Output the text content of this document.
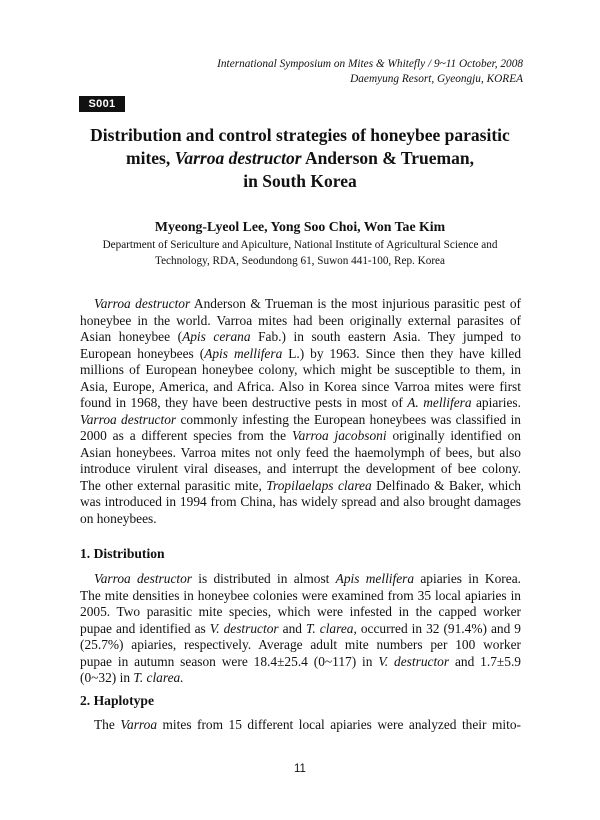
International Symposium on Mites & Whitefly / 9~11 October, 2008
Daemyung Resort, Gyeongju, KOREA
S001
Distribution and control strategies of honeybee parasitic
mites, Varroa destructor Anderson & Trueman,
in South Korea
Myeong-Lyeol Lee, Yong Soo Choi, Won Tae Kim
Department of Sericulture and Apiculture, National Institute of Agricultural Science and
Technology, RDA, Seodundong 61, Suwon 441-100, Rep. Korea
Varroa destructor Anderson & Trueman is the most injurious parasitic pest of
honeybee in the world. Varroa mites had been originally external parasites of
Asian honeybee (Apis cerana Fab.) in south eastern Asia. They jumped to
European honeybees (Apis mellifera L.) by 1963. Since then they have killed
millions of European honeybee colony, which might be susceptible to them, in
Asia, Europe, America, and Africa. Also in Korea since Varroa mites were first
found in 1968, they have been destructive pests in most of A. mellifera apiaries.
Varroa destructor commonly infesting the European honeybees was classified in
2000 as a different species from the Varroa jacobsoni originally identified on
Asian honeybees. Varroa mites not only feed the haemolymph of bees, but also
introduce virulent viral diseases, and interrupt the development of bee colony.
The other external parasitic mite, Tropilaelaps clarea Delfinado & Baker, which
was introduced in 1994 from China, has widely spread and also brought damages
on honeybees.
1. Distribution
Varroa destructor is distributed in almost Apis mellifera apiaries in Korea.
The mite densities in honeybee colonies were examined from 35 local apiaries in
2005. Two parasitic mite species, which were infested in the capped worker
pupae and identified as V. destructor and T. clarea, occurred in 32 (91.4%) and 9
(25.7%) apiaries, respectively. Average adult mite numbers per 100 worker
pupae in autumn season were 18.4±25.4 (0~117) in V. destructor and 1.7±5.9
(0~32) in T. clarea.
2. Haplotype
The Varroa mites from 15 different local apiaries were analyzed their mito-
11
